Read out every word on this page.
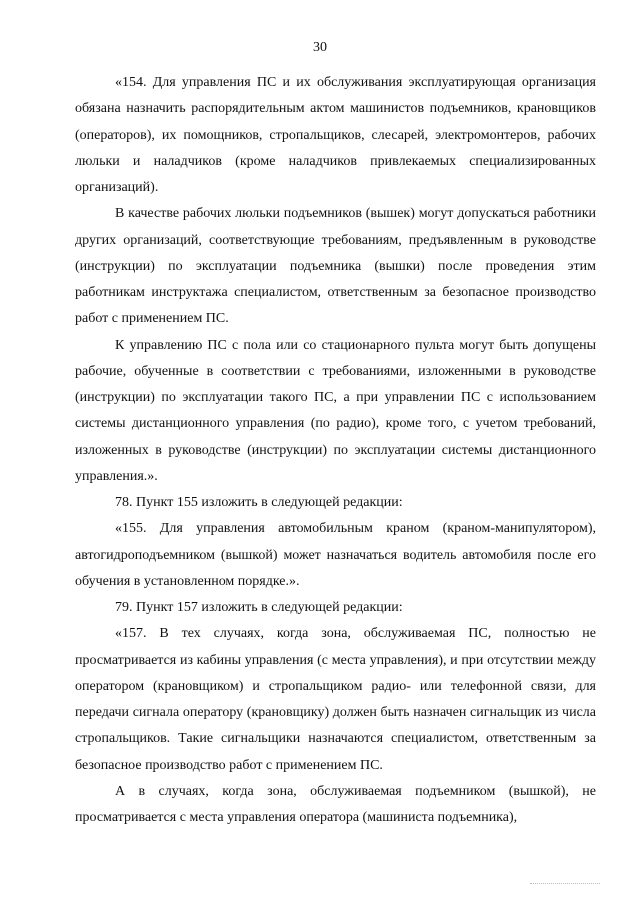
30

«154. Для управления ПС и их обслуживания эксплуатирующая организация обязана назначить распорядительным актом машинистов подъемников, крановщиков (операторов), их помощников, стропальщиков, слесарей, электромонтеров, рабочих люльки и наладчиков (кроме наладчиков привлекаемых специализированных организаций).

В качестве рабочих люльки подъемников (вышек) могут допускаться работники других организаций, соответствующие требованиям, предъявленным в руководстве (инструкции) по эксплуатации подъемника (вышки) после проведения этим работникам инструктажа специалистом, ответственным за безопасное производство работ с применением ПС.

К управлению ПС с пола или со стационарного пульта могут быть допущены рабочие, обученные в соответствии с требованиями, изложенными в руководстве (инструкции) по эксплуатации такого ПС, а при управлении ПС с использованием системы дистанционного управления (по радио), кроме того, с учетом требований, изложенных в руководстве (инструкции) по эксплуатации системы дистанционного управления.».

78. Пункт 155 изложить в следующей редакции:

«155. Для управления автомобильным краном (краном-манипулятором), автогидроподъемником (вышкой) может назначаться водитель автомобиля после его обучения в установленном порядке.».

79. Пункт 157 изложить в следующей редакции:

«157. В тех случаях, когда зона, обслуживаемая ПС, полностью не просматривается из кабины управления (с места управления), и при отсутствии между оператором (крановщиком) и стропальщиком радио- или телефонной связи, для передачи сигнала оператору (крановщику) должен быть назначен сигнальщик из числа стропальщиков. Такие сигнальщики назначаются специалистом, ответственным за безопасное производство работ с применением ПС.

А в случаях, когда зона, обслуживаемая подъемником (вышкой), не просматривается с места управления оператора (машиниста подъемника),
